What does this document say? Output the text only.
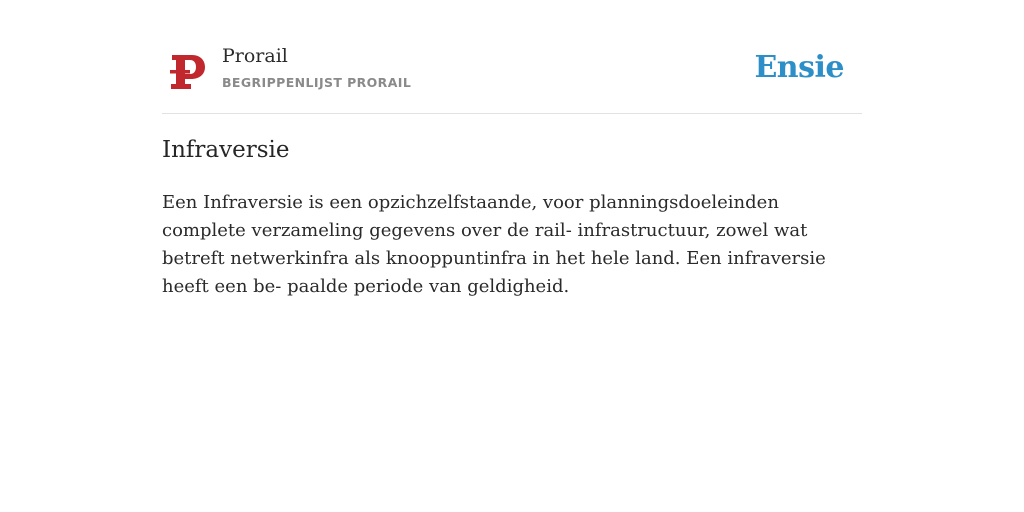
Prorail
BEGRIPPENLIJST PRORAIL	Ensie
Infraversie

Een Infraversie is een opzichzelfstaande, voor planningsdoeleinden complete verzameling gegevens over de rail- infrastructuur, zowel wat betreft netwerkinfra als knooppuntinfra in het hele land. Een infraversie heeft een be- paalde periode van geldigheid.
